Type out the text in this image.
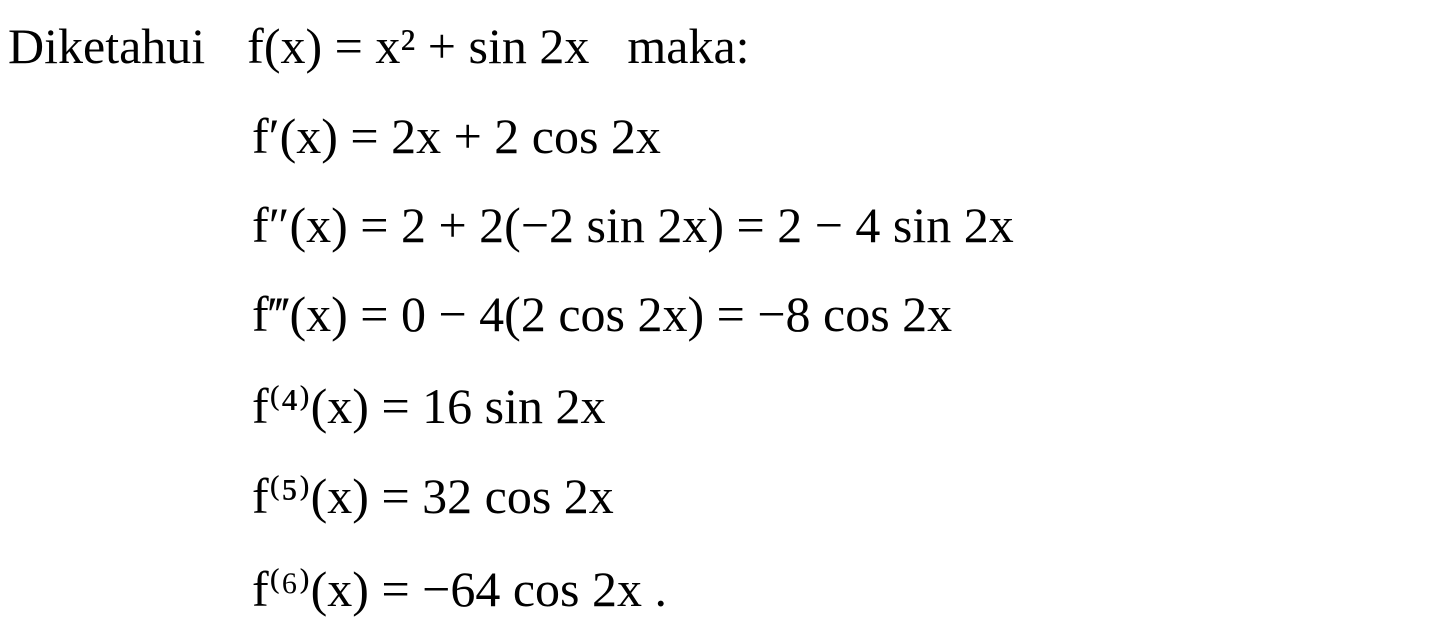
Diketahui f(x) = x² + sin 2x maka:
f′(x) = 2x + 2 cos 2x
f″(x) = 2 + 2(−2 sin 2x) = 2 − 4 sin 2x
f‴(x) = 0 − 4(2 cos 2x) = −8 cos 2x
f⁽⁴⁾(x) = 16 sin 2x
f⁽⁵⁾(x) = 32 cos 2x
f⁽⁶⁾(x) = −64 cos 2x .
